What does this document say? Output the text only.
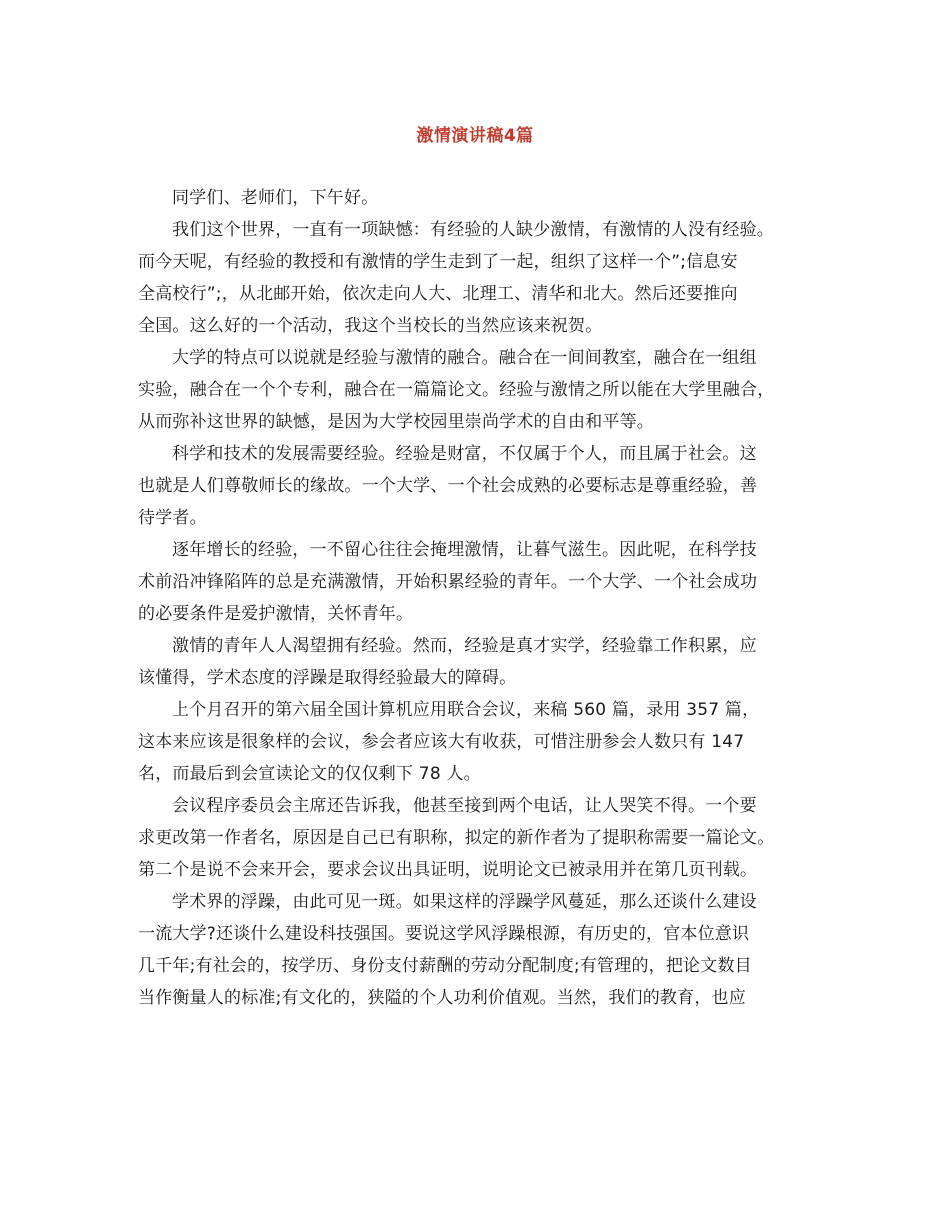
激情演讲稿4篇
同学们、老师们，下午好。
我们这个世界，一直有一项缺憾：有经验的人缺少激情，有激情的人没有经验。
而今天呢，有经验的教授和有激情的学生走到了一起，组织了这样一个”;信息安
全高校行”;，从北邮开始，依次走向人大、北理工、清华和北大。然后还要推向
全国。这么好的一个活动，我这个当校长的当然应该来祝贺。
大学的特点可以说就是经验与激情的融合。融合在一间间教室，融合在一组组
实验，融合在一个个专利，融合在一篇篇论文。经验与激情之所以能在大学里融合，
从而弥补这世界的缺憾，是因为大学校园里崇尚学术的自由和平等。
科学和技术的发展需要经验。经验是财富，不仅属于个人，而且属于社会。这
也就是人们尊敬师长的缘故。一个大学、一个社会成熟的必要标志是尊重经验，善
待学者。
逐年增长的经验，一不留心往往会掩埋激情，让暮气滋生。因此呢，在科学技
术前沿冲锋陷阵的总是充满激情，开始积累经验的青年。一个大学、一个社会成功
的必要条件是爱护激情，关怀青年。
激情的青年人人渴望拥有经验。然而，经验是真才实学，经验靠工作积累，应
该懂得，学术态度的浮躁是取得经验最大的障碍。
上个月召开的第六届全国计算机应用联合会议，来稿 560 篇，录用 357 篇，
这本来应该是很象样的会议，参会者应该大有收获，可惜注册参会人数只有 147
名，而最后到会宣读论文的仅仅剩下 78 人。
会议程序委员会主席还告诉我，他甚至接到两个电话，让人哭笑不得。一个要
求更改第一作者名，原因是自己已有职称，拟定的新作者为了提职称需要一篇论文。
第二个是说不会来开会，要求会议出具证明，说明论文已被录用并在第几页刊载。
学术界的浮躁，由此可见一斑。如果这样的浮躁学风蔓延，那么还谈什么建设
一流大学?还谈什么建设科技强国。要说这学风浮躁根源，有历史的，官本位意识
几千年;有社会的，按学历、身份支付薪酬的劳动分配制度;有管理的，把论文数目
当作衡量人的标准;有文化的，狭隘的个人功利价值观。当然，我们的教育，也应
